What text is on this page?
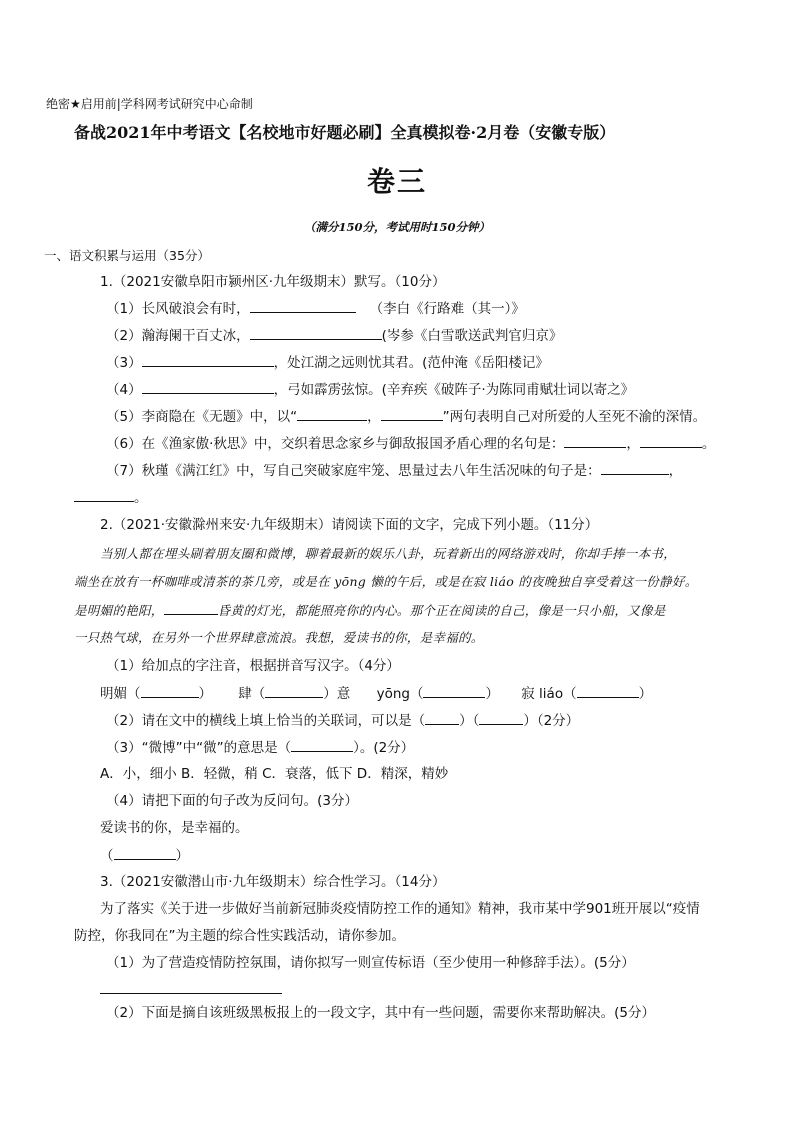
绝密★启用前|学科网考试研究中心命制
备战2021年中考语文【名校地市好题必刷】全真模拟卷·2月卷（安徽专版）
卷三
（满分150分，考试用时150分钟）
一、语文积累与运用（35分）
1.（2021安徽阜阳市颍州区·九年级期末）默写。（10分）
（1）长风破浪会有时，	（李白《行路难（其一）》
（2）瀚海阑干百丈冰，	(岑参《白雪歌送武判官归京》
（3）	，处江湖之远则忧其君。(范仲淹《岳阳楼记》
（4）	，弓如霹雳弦惊。(辛弃疾《破阵子·为陈同甫赋壮词以寄之》
（5）李商隐在《无题》中，以“	，	”两句表明自己对所爱的人至死不渝的深情。
（6）在《渔家傲·秋思》中，交织着思念家乡与御敌报国矛盾心理的名句是：	，	。
（7）秋瑾《满江红》中，写自己突破家庭牢笼、思量过去八年生活况味的句子是：	，
。
2.（2021·安徽滁州来安·九年级期末）请阅读下面的文字，完成下列小题。（11分）
当别人都在埋头刷着朋友圈和微博，聊着最新的娱乐八卦，玩着新出的网络游戏时，你却手捧一本书，
端坐在放有一杯咖啡或清茶的茶几旁，或是在 yōng 懒的午后，或是在寂 liáo 的夜晚独自享受着这一份静好。
是明媚的艳阳，	昏黄的灯光，都能照亮你的内心。那个正在阅读的自己，像是一只小船，又像是
一只热气球，在另外一个世界肆意流浪。我想，爱读书的你，是幸福的。
（1）给加点的字注音，根据拼音写汉字。（4分）
明媚（	） 肆（	）意 yōng（	） 寂 liáo（	）
（2）请在文中的横线上填上恰当的关联词，可以是（	）（	）（2分）
（3）“微博”中“微”的意思是（	）。(2分）
A．小，细小 B．轻微，稍 C．衰落，低下 D．精深，精妙
（4）请把下面的句子改为反问句。(3分）
爱读书的你，是幸福的。
（	）
3.（2021安徽潜山市·九年级期末）综合性学习。（14分）
为了落实《关于进一步做好当前新冠肺炎疫情防控工作的通知》精神，我市某中学901班开展以“疫情
防控，你我同在”为主题的综合性实践活动，请你参加。
（1）为了营造疫情防控氛围，请你拟写一则宣传标语（至少使用一种修辞手法）。(5分）
（2）下面是摘自该班级黑板报上的一段文字，其中有一些问题，需要你来帮助解决。(5分）
